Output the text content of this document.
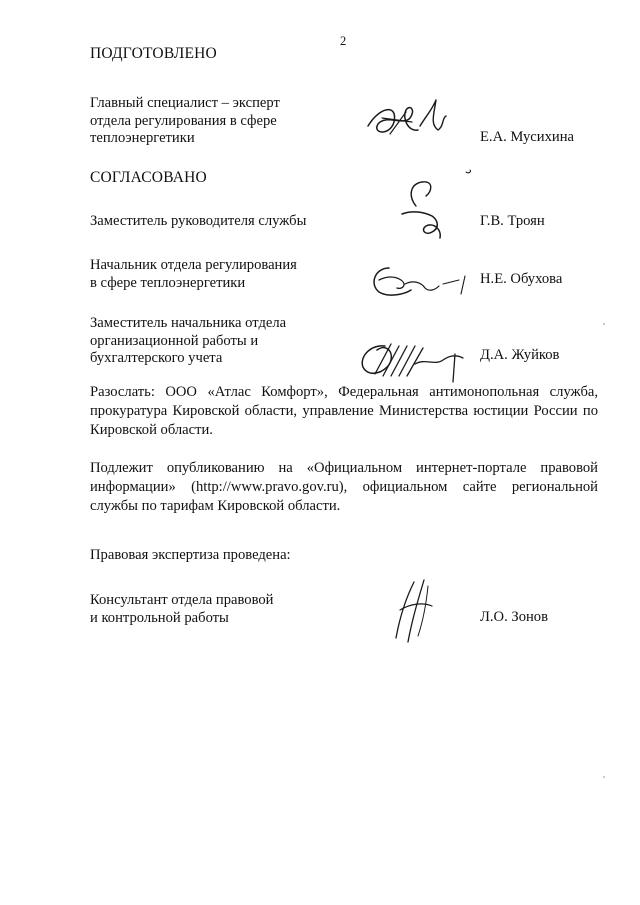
2
ПОДГОТОВЛЕНО
Главный специалист – эксперт
отдела регулирования в сфере
теплоэнергетики	Е.А. Мусихина
СОГЛАСОВАНО
Заместитель руководителя службы	Г.В. Троян
Начальник отдела регулирования
в сфере теплоэнергетики	Н.Е. Обухова
Заместитель начальника отдела
организационной работы и
бухгалтерского учета	Д.А. Жуйков

Разослать: ООО «Атлас Комфорт», Федеральная антимонопольная служба, прокуратура Кировской области, управление Министерства юстиции России по Кировской области.

Подлежит опубликованию на «Официальном интернет-портале правовой информации» (http://www.pravo.gov.ru), официальном сайте региональной службы по тарифам Кировской области.

Правовая экспертиза проведена:
Консультант отдела правовой
и контрольной работы	Л.О. Зонов
